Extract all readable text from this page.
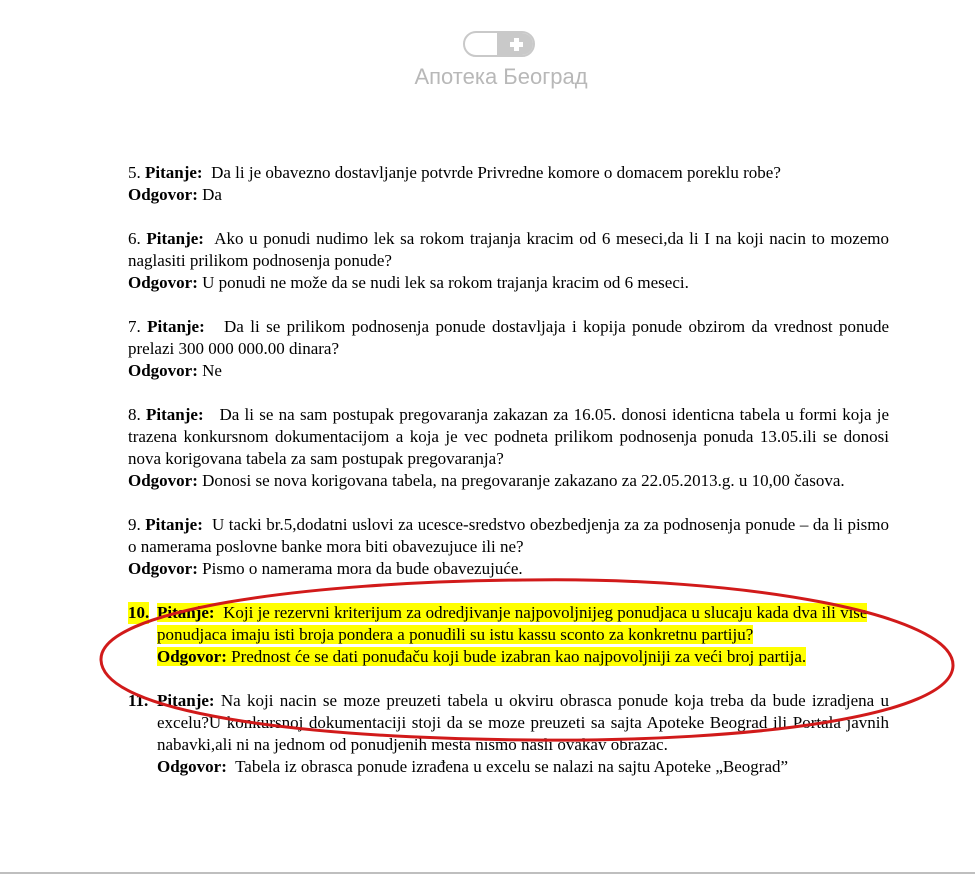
Апотека Београд
5. Pitanje: Da li je obavezno dostavljanje potvrde Privredne komore o domacem poreklu robe?
Odgovor: Da
6. Pitanje: Ako u ponudi nudimo lek sa rokom trajanja kracim od 6 meseci,da li I na koji nacin to mozemo naglasiti prilikom podnosenja ponude?
Odgovor: U ponudi ne može da se nudi lek sa rokom trajanja kracim od 6 meseci.
7. Pitanje: Da li se prilikom podnosenja ponude dostavljaja i kopija ponude obzirom da vrednost ponude prelazi 300 000 000.00 dinara?
Odgovor: Ne
8. Pitanje: Da li se na sam postupak pregovaranja zakazan za 16.05. donosi identicna tabela u formi koja je trazena konkursnom dokumentacijom a koja je vec podneta prilikom podnosenja ponuda 13.05.ili se donosi nova korigovana tabela za sam postupak pregovaranja?
Odgovor: Donosi se nova korigovana tabela, na pregovaranje zakazano za 22.05.2013.g. u 10,00 časova.
9. Pitanje: U tacki br.5,dodatni uslovi za ucesce-sredstvo obezbedjenja za za podnosenja ponude – da li pismo o namerama poslovne banke mora biti obavezujuce ili ne?
Odgovor: Pismo o namerama mora da bude obavezujuće.
10. Pitanje: Koji je rezervni kriterijum za odredjivanje najpovoljnijeg ponudjaca u slucaju kada dva ili vise ponudjaca imaju isti broja pondera a ponudili su istu kassu sconto za konkretnu partiju?
Odgovor: Prednost će se dati ponuđaču koji bude izabran kao najpovoljniji za veći broj partija.
11. Pitanje: Na koji nacin se moze preuzeti tabela u okviru obrasca ponude koja treba da bude izradjena u excelu?U konkursnoj dokumentaciji stoji da se moze preuzeti sa sajta Apoteke Beograd ili Portala javnih nabavki,ali ni na jednom od ponudjenih mesta nismo nasli ovakav obrazac.
Odgovor: Tabela iz obrasca ponude izrađena u excelu se nalazi na sajtu Apoteke „Beograd”
